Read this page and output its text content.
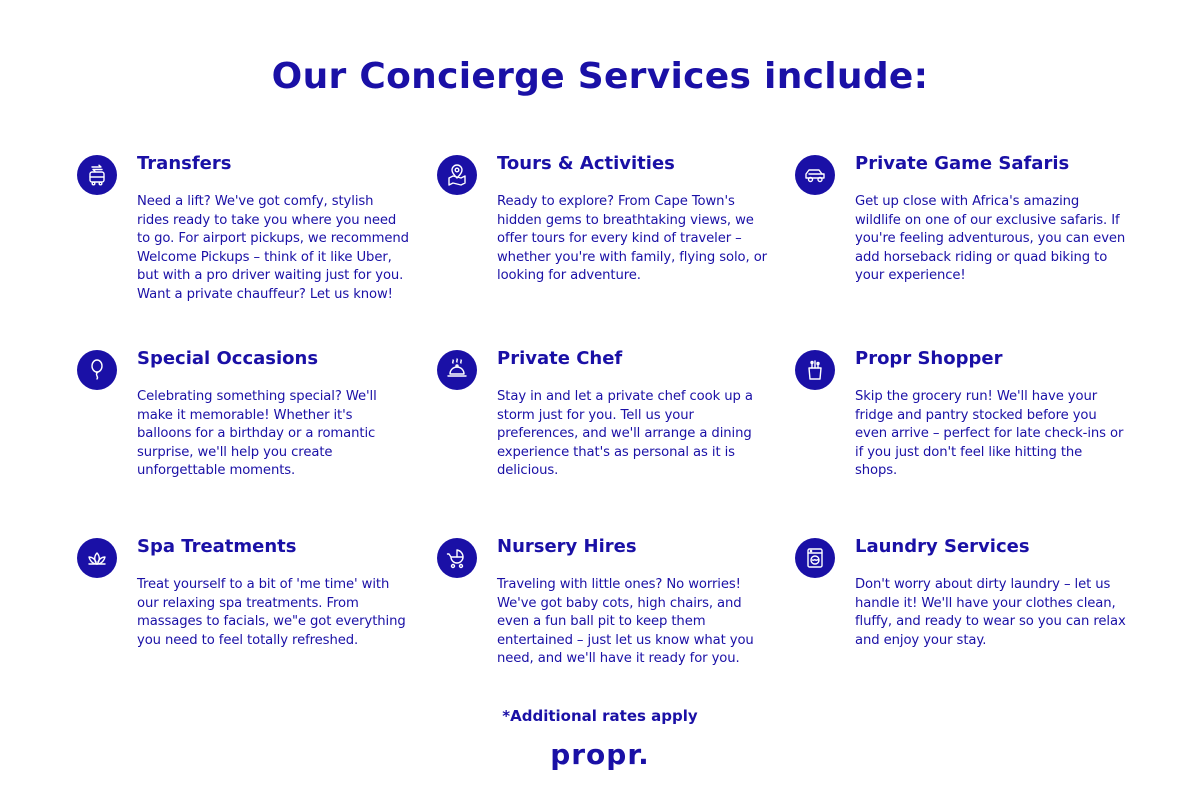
Our Concierge Services include:
Transfers
Need a lift? We've got comfy, stylish rides ready to take you where you need to go. For airport pickups, we recommend Welcome Pickups – think of it like Uber, but with a pro driver waiting just for you. Want a private chauffeur? Let us know!
Tours & Activities
Ready to explore? From Cape Town's hidden gems to breathtaking views, we offer tours for every kind of traveler – whether you're with family, flying solo, or looking for adventure.
Private Game Safaris
Get up close with Africa's amazing wildlife on one of our exclusive safaris. If you're feeling adventurous, you can even add horseback riding or quad biking to your experience!
Special Occasions
Celebrating something special? We'll make it memorable! Whether it's balloons for a birthday or a romantic surprise, we'll help you create unforgettable moments.
Private Chef
Stay in and let a private chef cook up a storm just for you. Tell us your preferences, and we'll arrange a dining experience that's as personal as it is delicious.
Propr Shopper
Skip the grocery run! We'll have your fridge and pantry stocked before you even arrive – perfect for late check-ins or if you just don't feel like hitting the shops.
Spa Treatments
Treat yourself to a bit of 'me time' with our relaxing spa treatments. From massages to facials, we"e got everything you need to feel totally refreshed.
Nursery Hires
Traveling with little ones? No worries! We've got baby cots, high chairs, and even a fun ball pit to keep them entertained – just let us know what you need, and we'll have it ready for you.
Laundry Services
Don't worry about dirty laundry – let us handle it! We'll have your clothes clean, fluffy, and ready to wear so you can relax and enjoy your stay.
*Additional rates apply
propr.
